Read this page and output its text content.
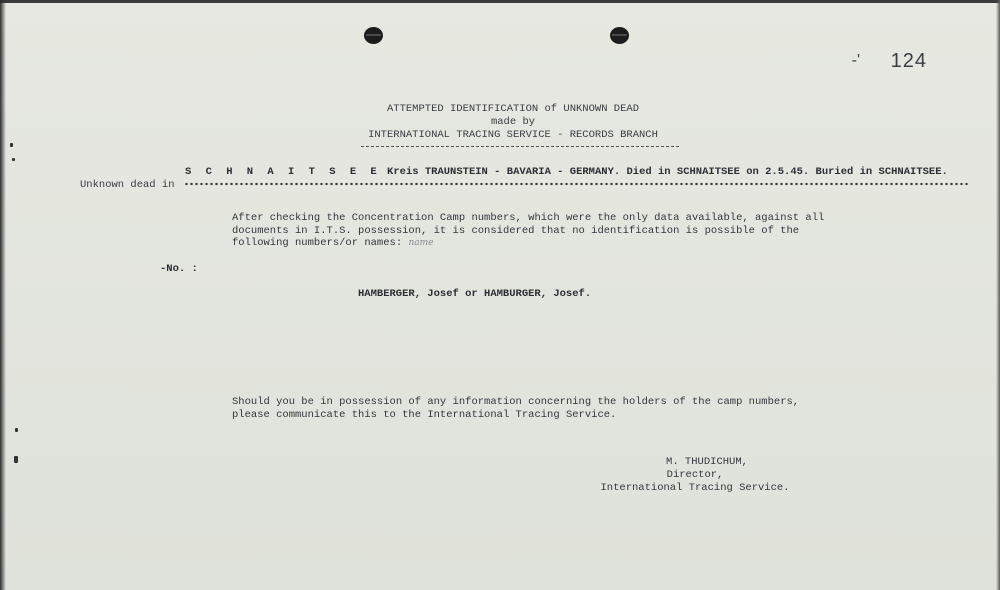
-' 124
ATTEMPTED IDENTIFICATION of UNKNOWN DEAD
made by
INTERNATIONAL TRACING SERVICE - RECORDS BRANCH
S C H N A I T S E E Kreis TRAUNSTEIN - BAVARIA - GERMANY. Died in SCHNAITSEE on 2.5.45. Buried in SCHNAITSEE.
Unknown dead in
After checking the Concentration Camp numbers, which were the only data available, against all
documents in I.T.S. possession, it is considered that no identification is possible of the
following numbers/or names: name
-No. :
HAMBERGER, Josef or HAMBURGER, Josef.
Should you be in possession of any information concerning the holders of the camp numbers,
please communicate this to the International Tracing Service.
M. THUDICHUM,
Director,
International Tracing Service.
